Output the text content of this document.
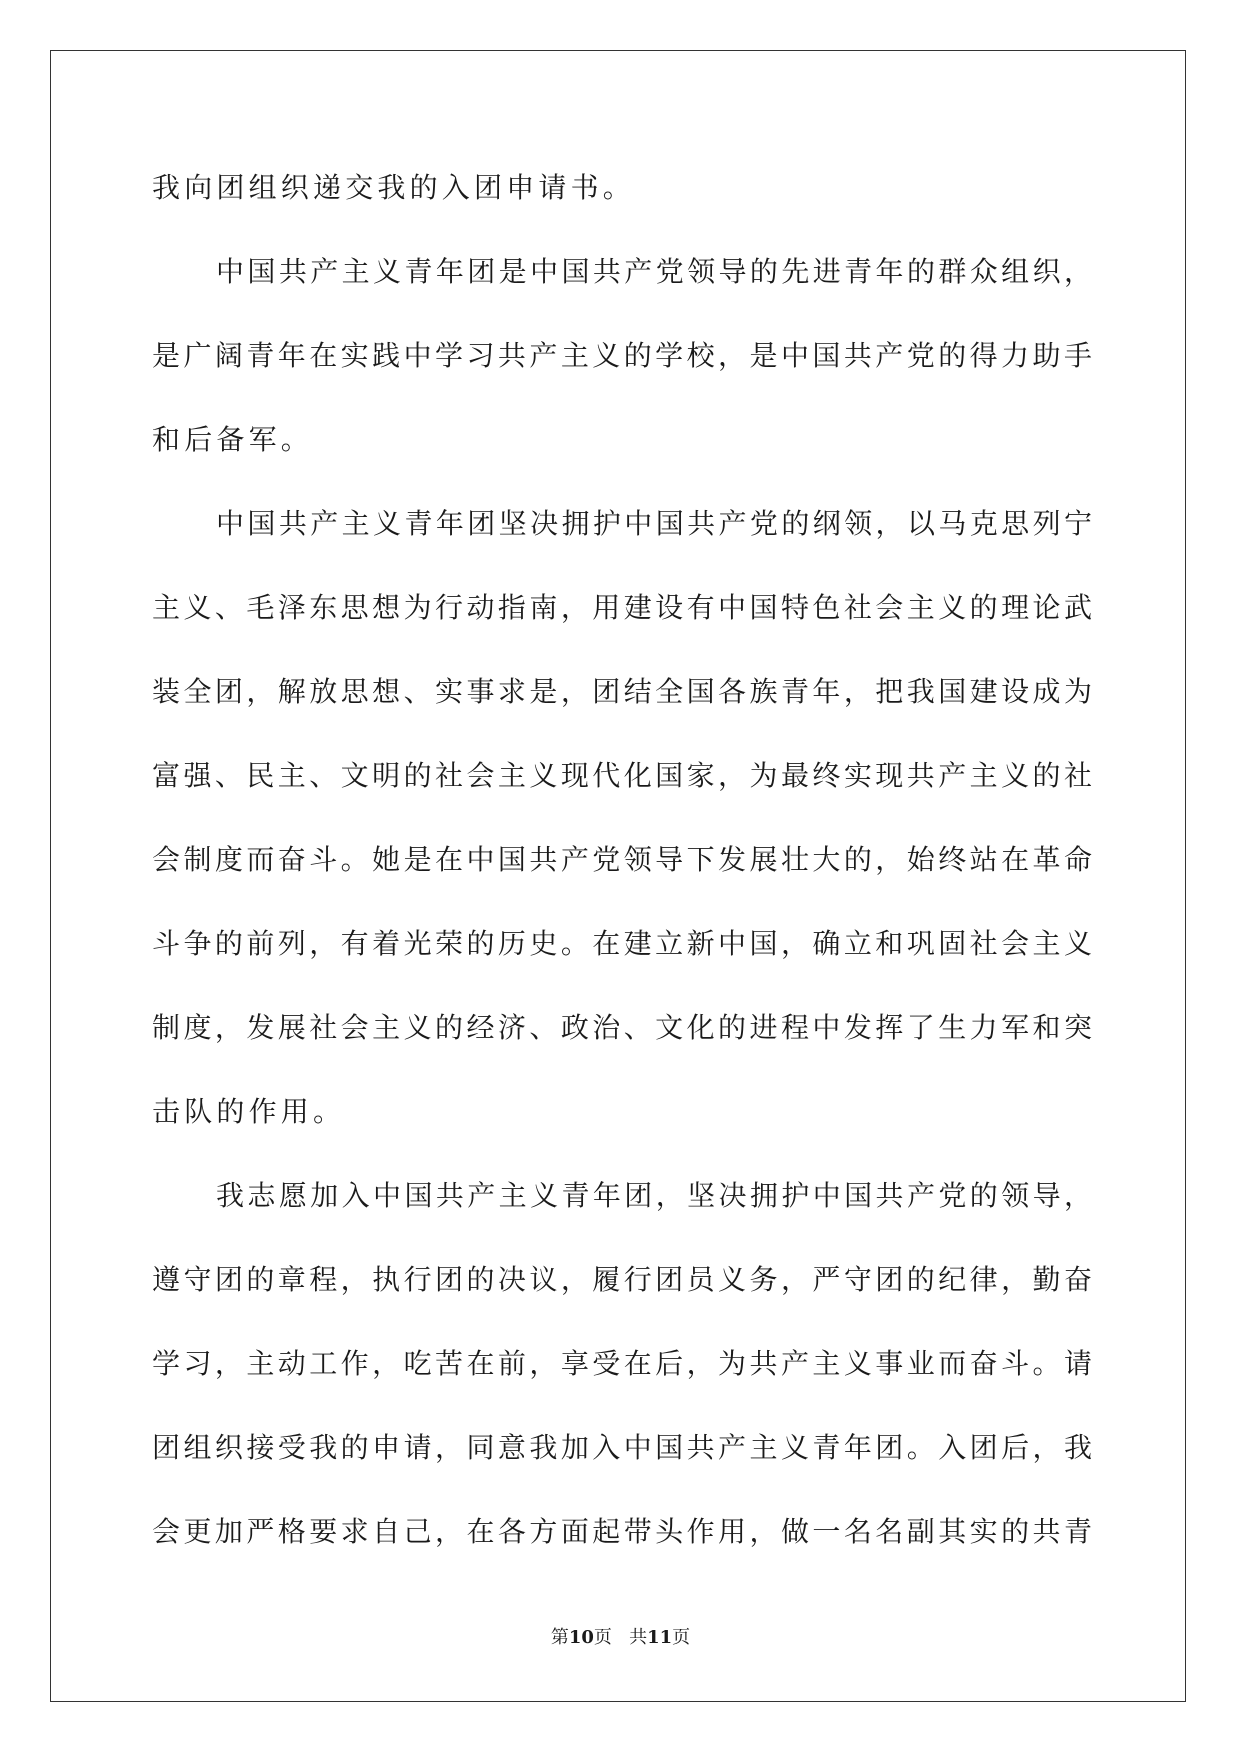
我向团组织递交我的入团申请书。
中国共产主义青年团是中国共产党领导的先进青年的群众组织，
是广阔青年在实践中学习共产主义的学校，是中国共产党的得力助手
和后备军。
中国共产主义青年团坚决拥护中国共产党的纲领，以马克思列宁
主义、毛泽东思想为行动指南，用建设有中国特色社会主义的理论武
装全团，解放思想、实事求是，团结全国各族青年，把我国建设成为
富强、民主、文明的社会主义现代化国家，为最终实现共产主义的社
会制度而奋斗。她是在中国共产党领导下发展壮大的，始终站在革命
斗争的前列，有着光荣的历史。在建立新中国，确立和巩固社会主义
制度，发展社会主义的经济、政治、文化的进程中发挥了生力军和突
击队的作用。
我志愿加入中国共产主义青年团，坚决拥护中国共产党的领导，
遵守团的章程，执行团的决议，履行团员义务，严守团的纪律，勤奋
学习，主动工作，吃苦在前，享受在后，为共产主义事业而奋斗。请
团组织接受我的申请，同意我加入中国共产主义青年团。入团后，我
会更加严格要求自己，在各方面起带头作用，做一名名副其实的共青
第10页 共11页
